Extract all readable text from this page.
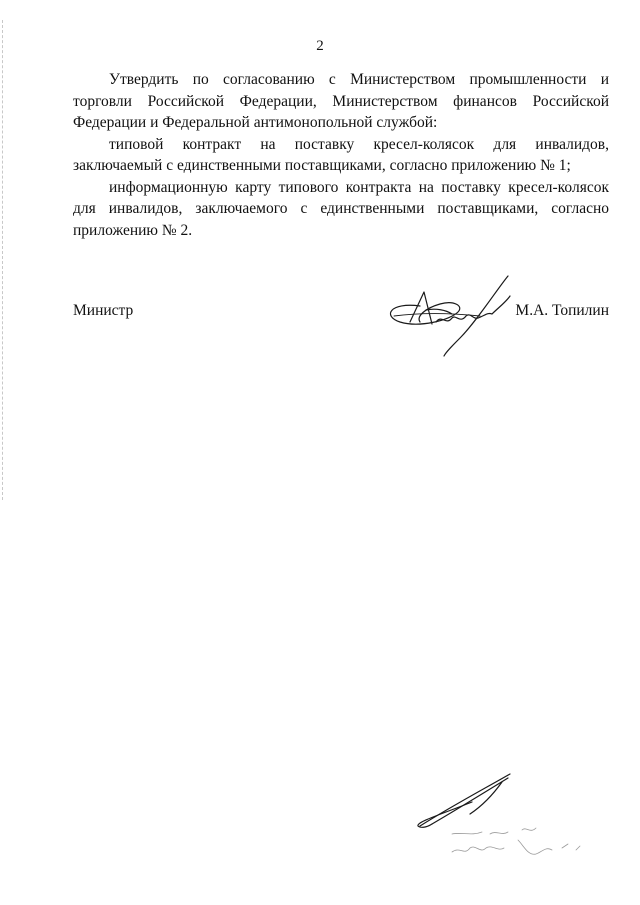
2

Утвердить по согласованию с Министерством промышленности и торговли Российской Федерации, Министерством финансов Российской Федерации и Федеральной антимонопольной службой:

типовой контракт на поставку кресел-колясок для инвалидов, заключаемый с единственными поставщиками, согласно приложению № 1;

информационную карту типового контракта на поставку кресел-колясок для инвалидов, заключаемого с единственными поставщиками, согласно приложению № 2.

Министр	М.А. Топилин
